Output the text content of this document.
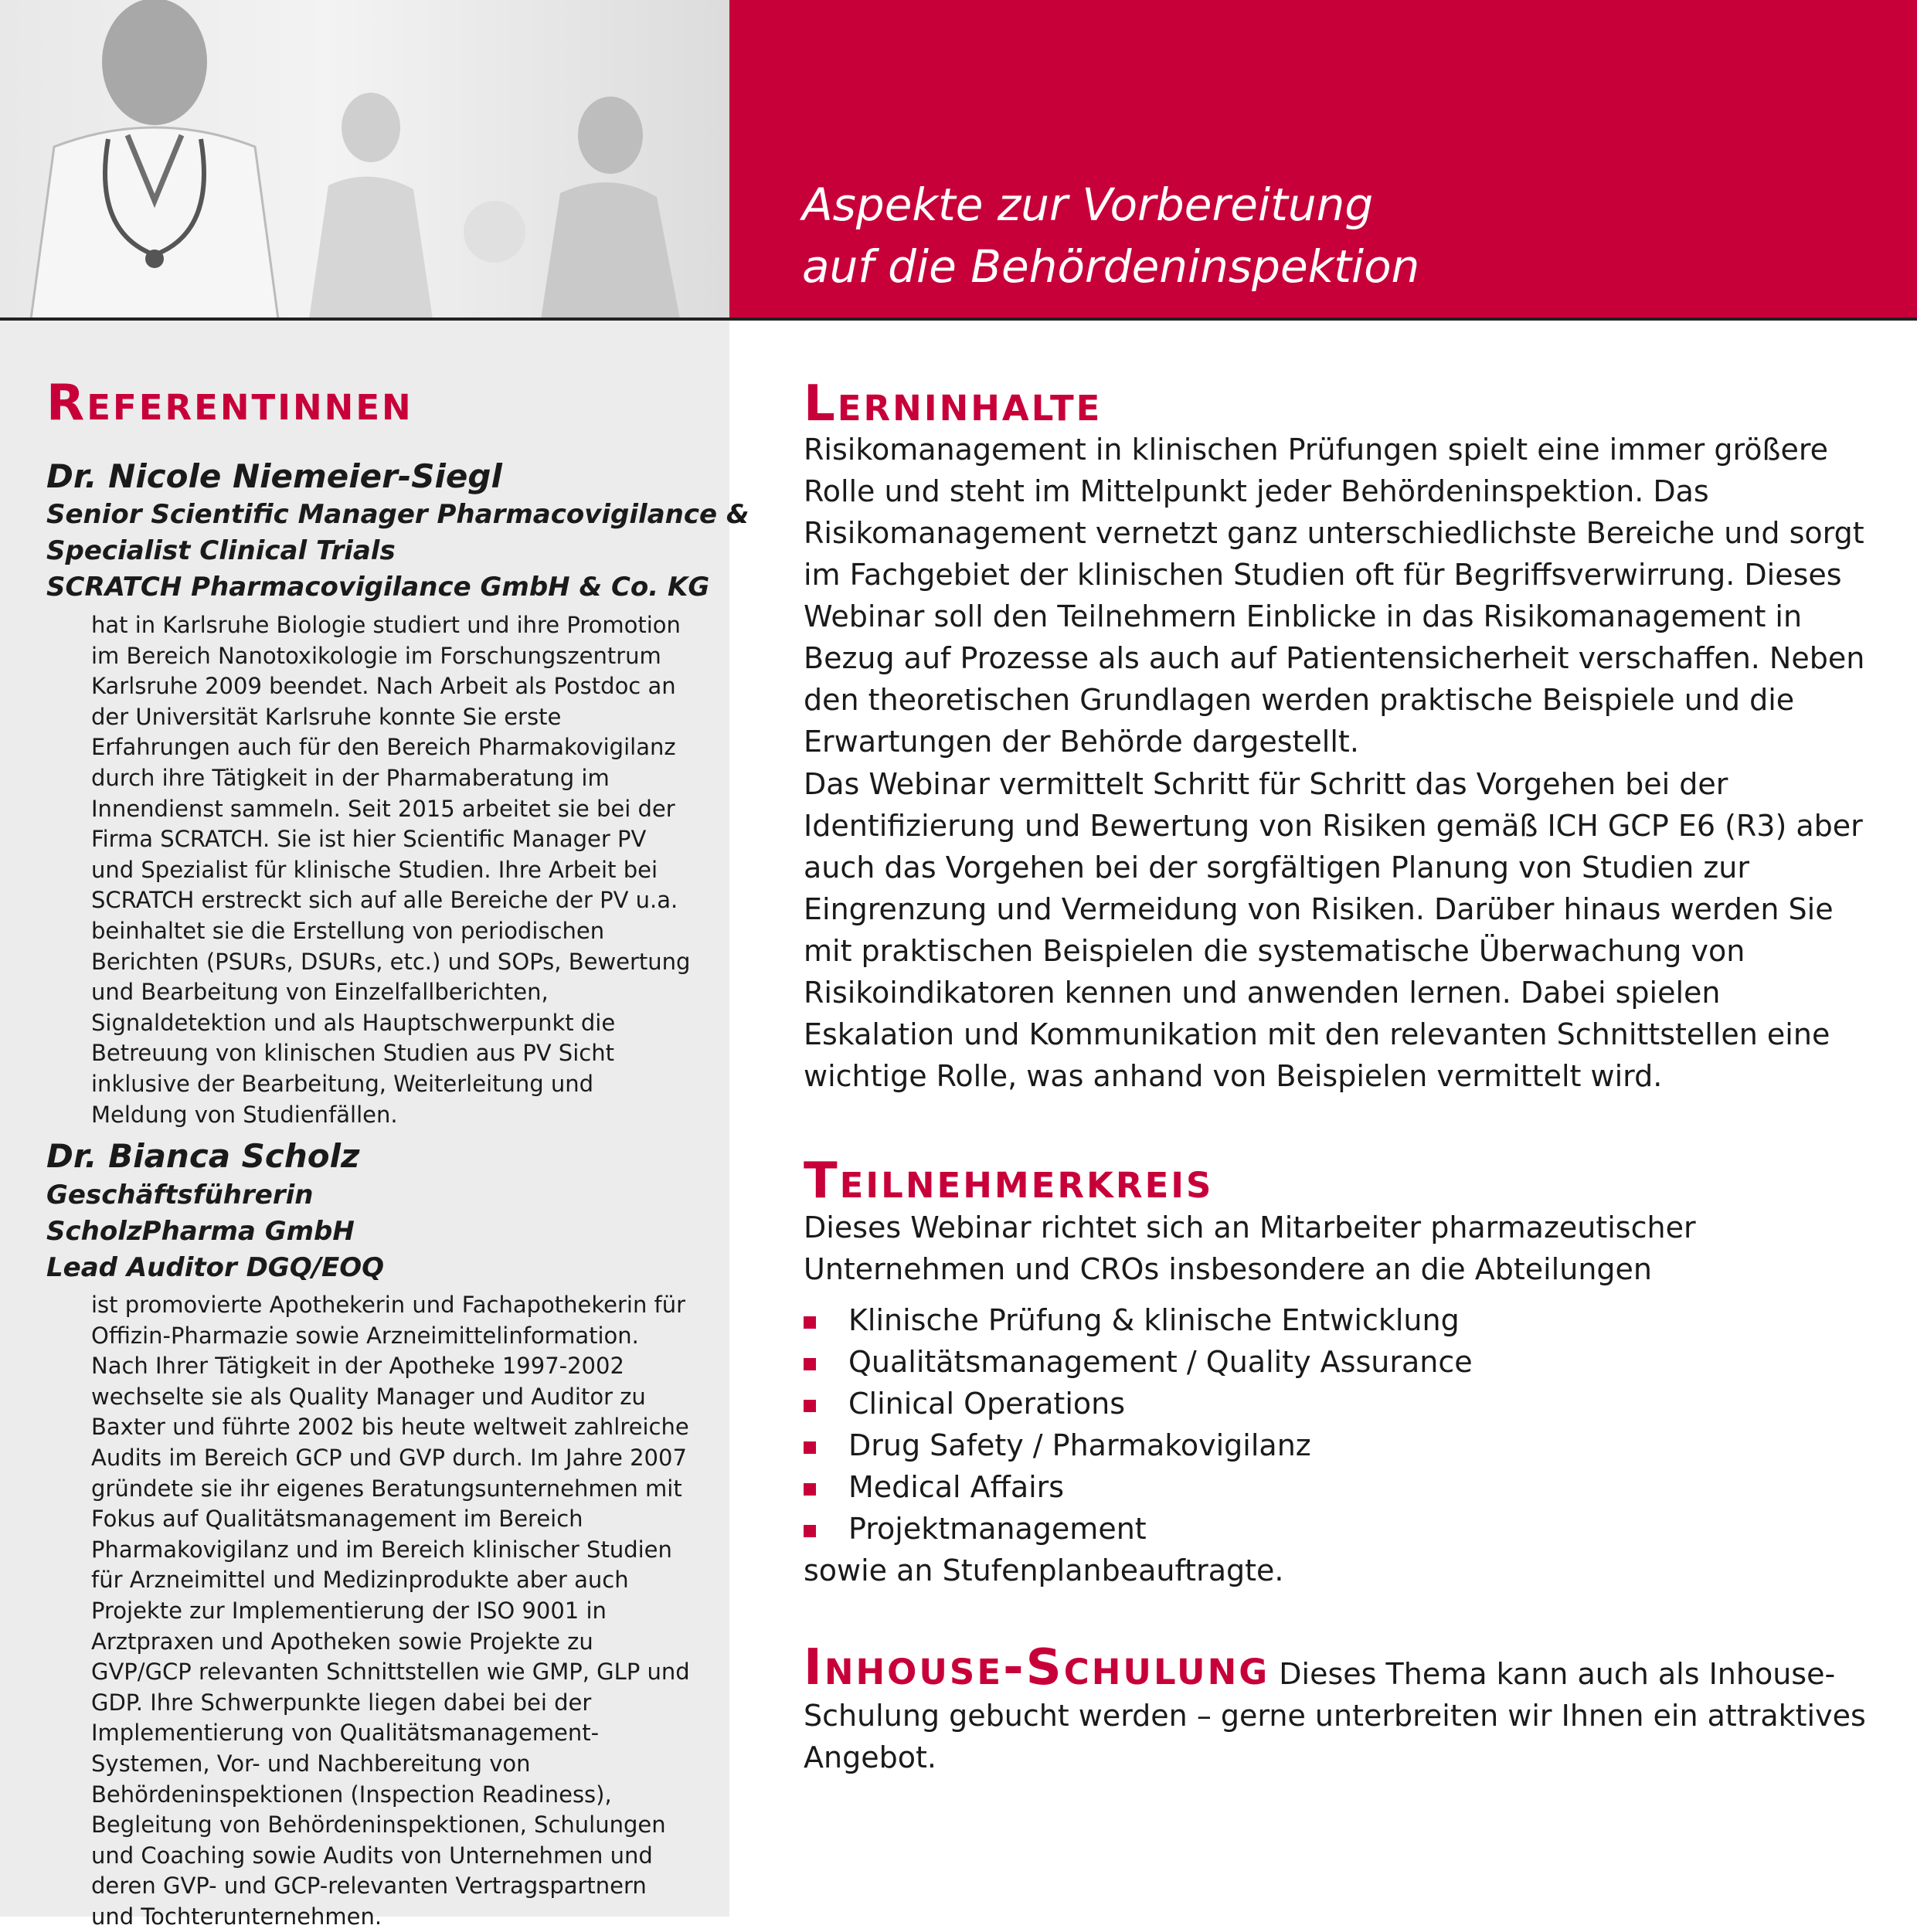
Aspekte zur Vorbereitung
auf die Behördeninspektion
Referentinnen
Dr. Nicole Niemeier-Siegl
Senior Scientific Manager Pharmacovigilance &
Specialist Clinical Trials
SCRATCH Pharmacovigilance GmbH & Co. KG

hat in Karlsruhe Biologie studiert und ihre Promotion im Bereich Nanotoxikologie im Forschungszentrum Karlsruhe 2009 beendet. Nach Arbeit als Postdoc an der Universität Karlsruhe konnte Sie erste Erfahrungen auch für den Bereich Pharmakovigilanz durch ihre Tätigkeit in der Pharmaberatung im Innendienst sammeln. Seit 2015 arbeitet sie bei der Firma SCRATCH. Sie ist hier Scientific Manager PV und Spezialist für klinische Studien. Ihre Arbeit bei SCRATCH erstreckt sich auf alle Bereiche der PV u.a. beinhaltet sie die Erstellung von periodischen Berichten (PSURs, DSURs, etc.) und SOPs, Bewertung und Bearbeitung von Einzelfallberichten, Signaldetektion und als Hauptschwerpunkt die Betreuung von klinischen Studien aus PV Sicht inklusive der Bearbeitung, Weiterleitung und Meldung von Studienfällen.

Dr. Bianca Scholz
Geschäftsführerin
ScholzPharma GmbH
Lead Auditor DGQ/EOQ

ist promovierte Apothekerin und Fachapothekerin für Offizin-Pharmazie sowie Arzneimittelinformation. Nach Ihrer Tätigkeit in der Apotheke 1997-2002 wechselte sie als Quality Manager und Auditor zu Baxter und führte 2002 bis heute weltweit zahlreiche Audits im Bereich GCP und GVP durch. Im Jahre 2007 gründete sie ihr eigenes Beratungsunternehmen mit Fokus auf Qualitätsmanagement im Bereich Pharmakovigilanz und im Bereich klinischer Studien für Arzneimittel und Medizinprodukte aber auch Projekte zur Implementierung der ISO 9001 in Arztpraxen und Apotheken sowie Projekte zu GVP/GCP relevanten Schnittstellen wie GMP, GLP und GDP. Ihre Schwerpunkte liegen dabei bei der Implementierung von Qualitätsmanagement-Systemen, Vor- und Nachbereitung von Behördeninspektionen (Inspection Readiness), Begleitung von Behördeninspektionen, Schulungen und Coaching sowie Audits von Unternehmen und deren GVP- und GCP-relevanten Vertragspartnern und Tochterunternehmen.

Lerninhalte

Risikomanagement in klinischen Prüfungen spielt eine immer größere Rolle und steht im Mittelpunkt jeder Behördeninspektion. Das Risikomanagement vernetzt ganz unterschiedlichste Bereiche und sorgt im Fachgebiet der klinischen Studien oft für Begriffsverwirrung. Dieses Webinar soll den Teilnehmern Einblicke in das Risikomanagement in Bezug auf Prozesse als auch auf Patientensicherheit verschaffen. Neben den theoretischen Grundlagen werden praktische Beispiele und die Erwartungen der Behörde dargestellt.

Das Webinar vermittelt Schritt für Schritt das Vorgehen bei der Identifizierung und Bewertung von Risiken gemäß ICH GCP E6 (R3) aber auch das Vorgehen bei der sorgfältigen Planung von Studien zur Eingrenzung und Vermeidung von Risiken. Darüber hinaus werden Sie mit praktischen Beispielen die systematische Überwachung von Risikoindikatoren kennen und anwenden lernen. Dabei spielen Eskalation und Kommunikation mit den relevanten Schnittstellen eine wichtige Rolle, was anhand von Beispielen vermittelt wird.

Teilnehmerkreis

Dieses Webinar richtet sich an Mitarbeiter pharmazeutischer Unternehmen und CROs insbesondere an die Abteilungen

Klinische Prüfung & klinische Entwicklung
Qualitätsmanagement / Quality Assurance
Clinical Operations
Drug Safety / Pharmakovigilanz
Medical Affairs
Projektmanagement

sowie an Stufenplanbeauftragte.

Inhouse-Schulung Dieses Thema kann auch als Inhouse-Schulung gebucht werden – gerne unterbreiten wir Ihnen ein attraktives Angebot.
